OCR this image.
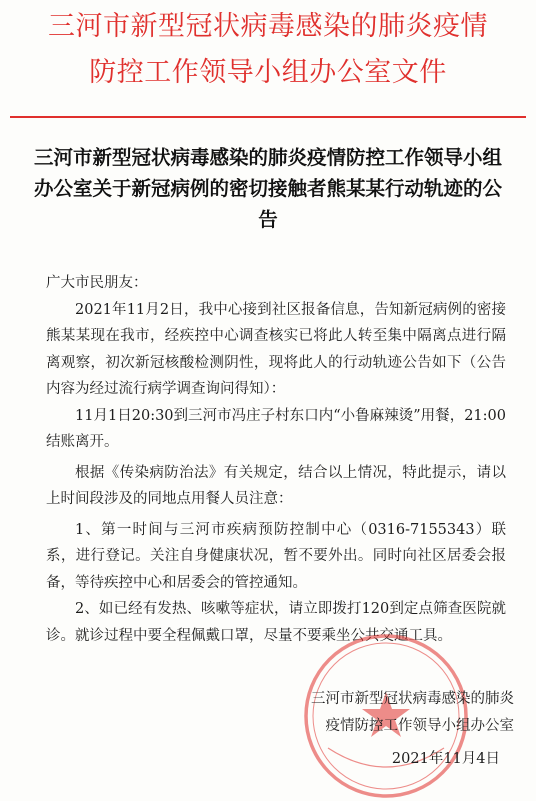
三河市新型冠状病毒感染的肺炎疫情
防控工作领导小组办公室文件
三河市新型冠状病毒感染的肺炎疫情防控工作领导小组办公室关于新冠病例的密切接触者熊某某行动轨迹的公告

广大市民朋友：

2021年11月2日，我中心接到社区报备信息，告知新冠病例的密接熊某某现在我市，经疾控中心调查核实已将此人转至集中隔离点进行隔离观察，初次新冠核酸检测阴性，现将此人的行动轨迹公告如下（公告内容为经过流行病学调查询问得知）：

11月1日20:30到三河市冯庄子村东口内“小鲁麻辣烫”用餐，21:00结账离开。

根据《传染病防治法》有关规定，结合以上情况，特此提示，请以上时间段涉及的同地点用餐人员注意：

1、第一时间与三河市疾病预防控制中心（0316-7155343）联系，进行登记。关注自身健康状况，暂不要外出。同时向社区居委会报备，等待疾控中心和居委会的管控通知。

2、如已经有发热、咳嗽等症状，请立即拨打120到定点筛查医院就诊。就诊过程中要全程佩戴口罩，尽量不要乘坐公共交通工具。

三河市新型冠状病毒感染的肺炎
疫情防控工作领导小组办公室
2021年11月4日
